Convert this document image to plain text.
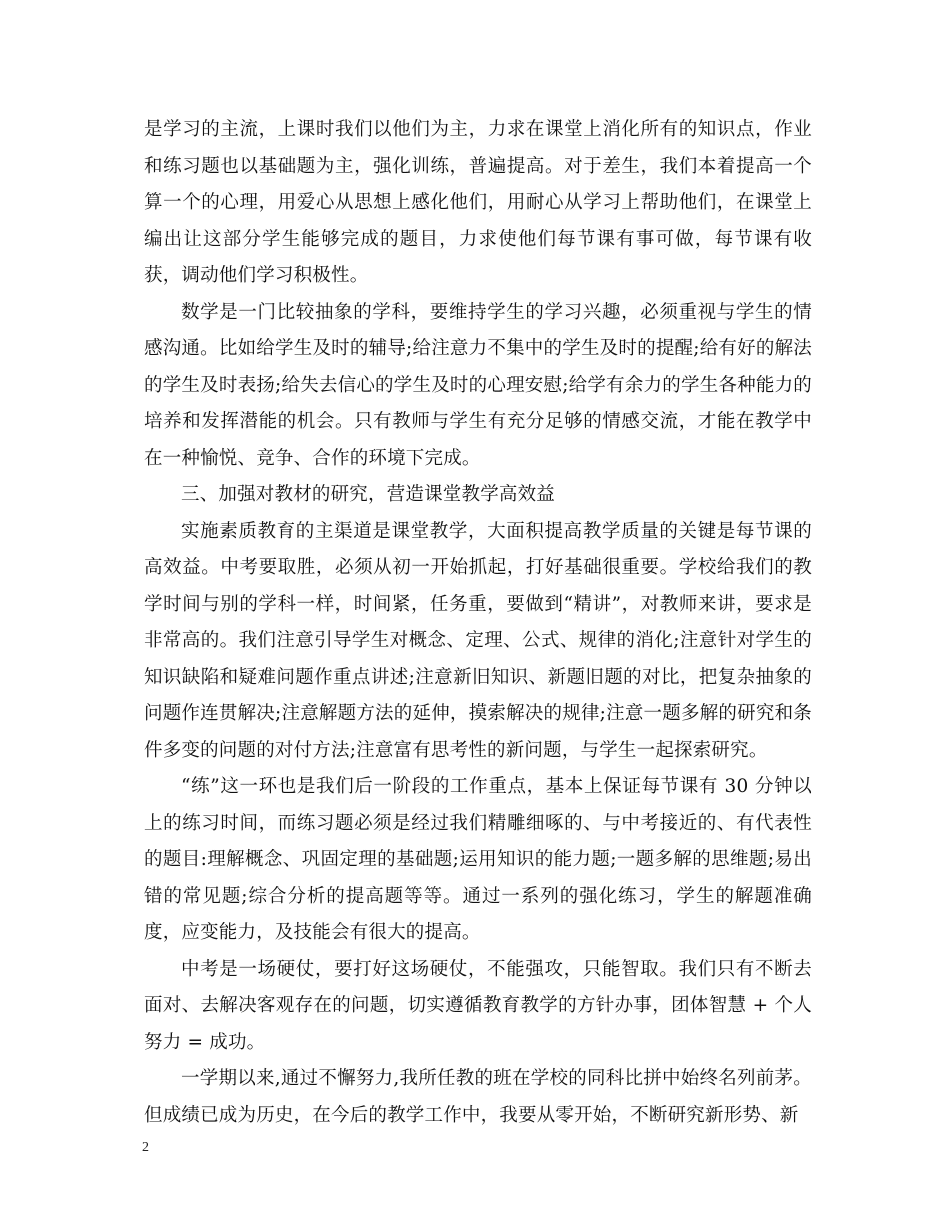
是学习的主流，上课时我们以他们为主，力求在课堂上消化所有的知识点，作业和练习题也以基础题为主，强化训练，普遍提高。对于差生，我们本着提高一个算一个的心理，用爱心从思想上感化他们，用耐心从学习上帮助他们，在课堂上编出让这部分学生能够完成的题目，力求使他们每节课有事可做，每节课有收获，调动他们学习积极性。

数学是一门比较抽象的学科，要维持学生的学习兴趣，必须重视与学生的情感沟通。比如给学生及时的辅导;给注意力不集中的学生及时的提醒;给有好的解法的学生及时表扬;给失去信心的学生及时的心理安慰;给学有余力的学生各种能力的培养和发挥潜能的机会。只有教师与学生有充分足够的情感交流，才能在教学中在一种愉悦、竞争、合作的环境下完成。

三、加强对教材的研究，营造课堂教学高效益

实施素质教育的主渠道是课堂教学，大面积提高教学质量的关键是每节课的高效益。中考要取胜，必须从初一开始抓起，打好基础很重要。学校给我们的教学时间与别的学科一样，时间紧，任务重，要做到“精讲”，对教师来讲，要求是非常高的。我们注意引导学生对概念、定理、公式、规律的消化;注意针对学生的知识缺陷和疑难问题作重点讲述;注意新旧知识、新题旧题的对比，把复杂抽象的问题作连贯解决;注意解题方法的延伸，摸索解决的规律;注意一题多解的研究和条件多变的问题的对付方法;注意富有思考性的新问题，与学生一起探索研究。

“练”这一环也是我们后一阶段的工作重点，基本上保证每节课有 30 分钟以上的练习时间，而练习题必须是经过我们精雕细啄的、与中考接近的、有代表性的题目:理解概念、巩固定理的基础题;运用知识的能力题;一题多解的思维题;易出错的常见题;综合分析的提高题等等。通过一系列的强化练习，学生的解题准确度，应变能力，及技能会有很大的提高。

中考是一场硬仗，要打好这场硬仗，不能强攻，只能智取。我们只有不断去面对、去解决客观存在的问题，切实遵循教育教学的方针办事，团体智慧 + 个人努力 = 成功。

一学期以来,通过不懈努力,我所任教的班在学校的同科比拼中始终名列前茅。但成绩已成为历史，在今后的教学工作中，我要从零开始，不断研究新形势、新

2
